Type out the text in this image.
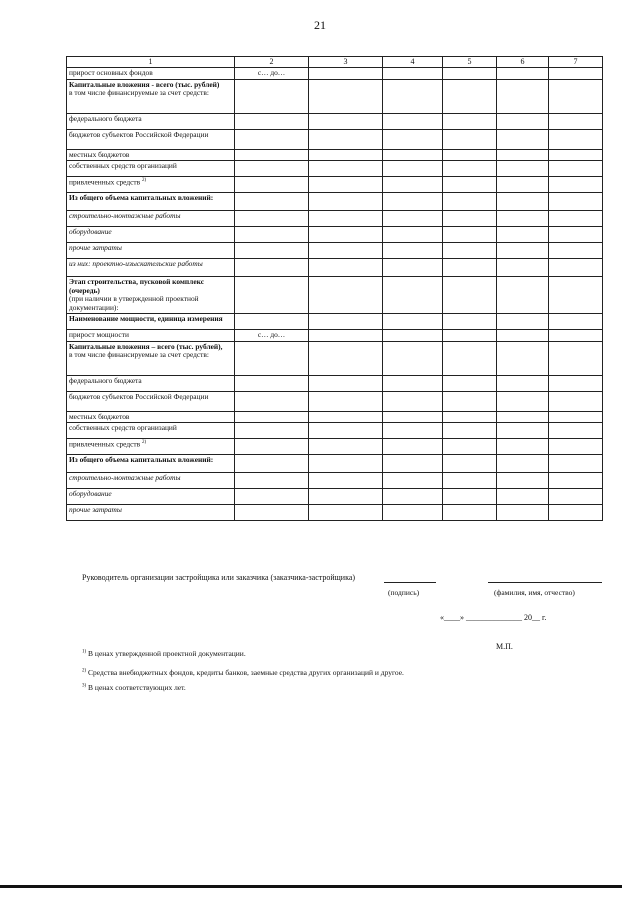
21
1	2	3	4	5	6	7
прирост основных фондов	с… до…					
Капитальные вложения - всего (тыс. рублей)
в том числе финансируемые за счет средств:						
федерального бюджета						
бюджетов субъектов Российской Федерации						
местных бюджетов						
собственных средств организаций						
привлеченных средств $^{2)}$						
Из общего объема капитальных вложений:						
строительно-монтажные работы						
оборудование						
прочие затраты						
из них: проектно-изыскательские работы						
Этап строительства, пусковой комплекс (очередь)
(при наличии в утвержденной проектной документации):						
Наименование мощности, единица измерения						
прирост мощности	с… до…					
Капитальные вложения – всего (тыс. рублей),
в том числе финансируемые за счет средств:						
федерального бюджета						
бюджетов субъектов Российской Федерации						
местных бюджетов						
собственных средств организаций						
привлеченных средств $^{2)}$						
Из общего объема капитальных вложений:						
строительно-монтажные работы						
оборудование						
прочие затраты						
Руководитель организации застройщика или заказчика (заказчика-застройщика)
(подпись)	(фамилия, имя, отчество)
«____» ______________ 20__ г.
М.П.
$^{1)}$ В ценах утвержденной проектной документации.
$^{2)}$ Средства внебюджетных фондов, кредиты банков, заемные средства других организаций и другое.
$^{3)}$ В ценах соответствующих лет.
